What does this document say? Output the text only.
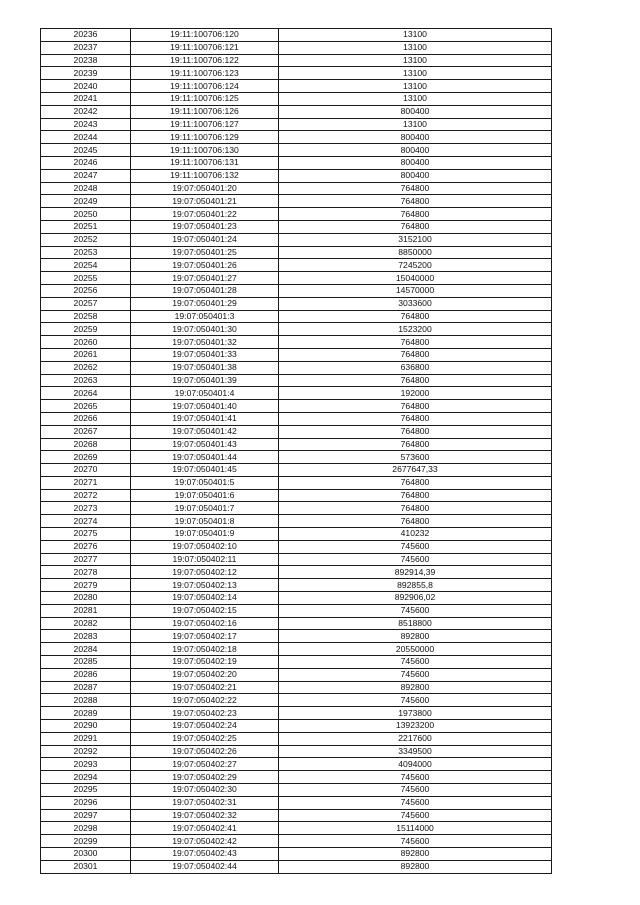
20236	19:11:100706:120	13100
20237	19:11:100706:121	13100
20238	19:11:100706:122	13100
20239	19:11:100706:123	13100
20240	19:11:100706:124	13100
20241	19:11:100706:125	13100
20242	19:11:100706:126	800400
20243	19:11:100706:127	13100
20244	19:11:100706:129	800400
20245	19:11:100706:130	800400
20246	19:11:100706:131	800400
20247	19:11:100706:132	800400
20248	19:07:050401:20	764800
20249	19:07:050401:21	764800
20250	19:07:050401:22	764800
20251	19:07:050401:23	764800
20252	19:07:050401:24	3152100
20253	19:07:050401:25	8850000
20254	19:07:050401:26	7245200
20255	19:07:050401:27	15040000
20256	19:07:050401:28	14570000
20257	19:07:050401:29	3033600
20258	19:07:050401:3	764800
20259	19:07:050401:30	1523200
20260	19:07:050401:32	764800
20261	19:07:050401:33	764800
20262	19:07:050401:38	636800
20263	19:07:050401:39	764800
20264	19:07:050401:4	192000
20265	19:07:050401:40	764800
20266	19:07:050401:41	764800
20267	19:07:050401:42	764800
20268	19:07:050401:43	764800
20269	19:07:050401:44	573600
20270	19:07:050401:45	2677647,33
20271	19:07:050401:5	764800
20272	19:07:050401:6	764800
20273	19:07:050401:7	764800
20274	19:07:050401:8	764800
20275	19:07:050401:9	410232
20276	19:07:050402:10	745600
20277	19:07:050402:11	745600
20278	19:07:050402:12	892914,39
20279	19:07:050402:13	892855,8
20280	19:07:050402:14	892906,02
20281	19:07:050402:15	745600
20282	19:07:050402:16	8518800
20283	19:07:050402:17	892800
20284	19:07:050402:18	20550000
20285	19:07:050402:19	745600
20286	19:07:050402:20	745600
20287	19:07:050402:21	892800
20288	19:07:050402:22	745600
20289	19:07:050402:23	1973800
20290	19:07:050402:24	13923200
20291	19:07:050402:25	2217600
20292	19:07:050402:26	3349500
20293	19:07:050402:27	4094000
20294	19:07:050402:29	745600
20295	19:07:050402:30	745600
20296	19:07:050402:31	745600
20297	19:07:050402:32	745600
20298	19:07:050402:41	15114000
20299	19:07:050402:42	745600
20300	19:07:050402:43	892800
20301	19:07:050402:44	892800
